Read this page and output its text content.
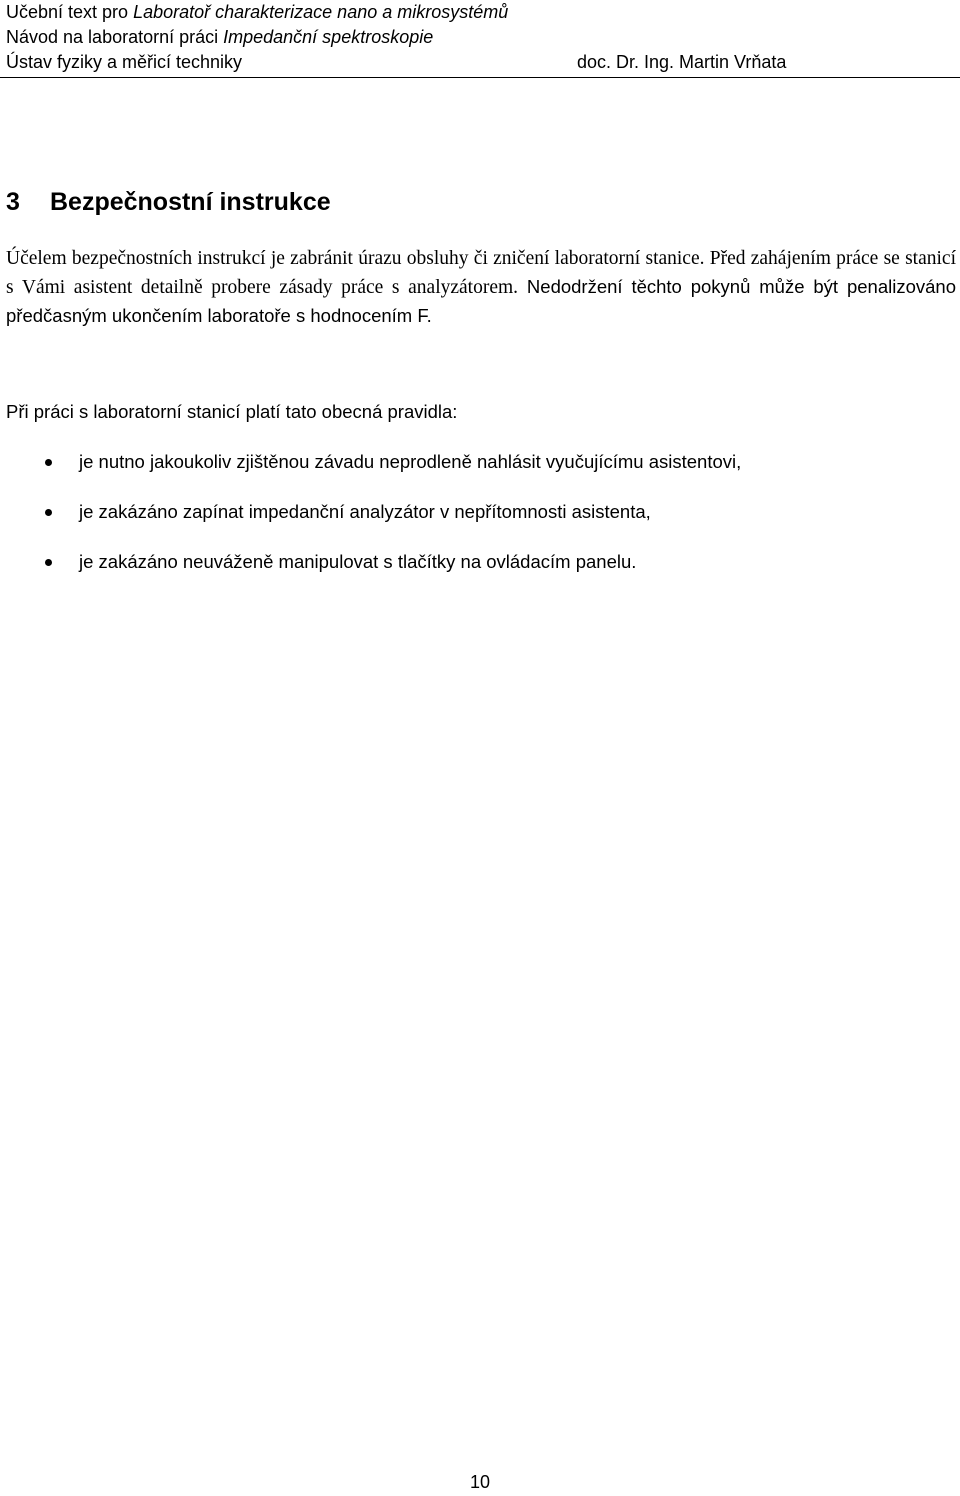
Učební text pro Laboratoř charakterizace nano a mikrosystémů
Návod na laboratorní práci Impedanční spektroskopie
Ústav fyziky a měřicí techniky	doc. Dr. Ing. Martin Vrňata
3 Bezpečnostní instrukce
Účelem bezpečnostních instrukcí je zabránit úrazu obsluhy či zničení laboratorní stanice. Před zahájením práce se stanicí s Vámi asistent detailně probere zásady práce s analyzátorem. Nedodržení těchto pokynů může být penalizováno předčasným ukončením laboratoře s hodnocením F.
Při práci s laboratorní stanicí platí tato obecná pravidla:
je nutno jakoukoliv zjištěnou závadu neprodleně nahlásit vyučujícímu asistentovi,
je zakázáno zapínat impedanční analyzátor v nepřítomnosti asistenta,
je zakázáno neuváženě manipulovat s tlačítky na ovládacím panelu.
10
